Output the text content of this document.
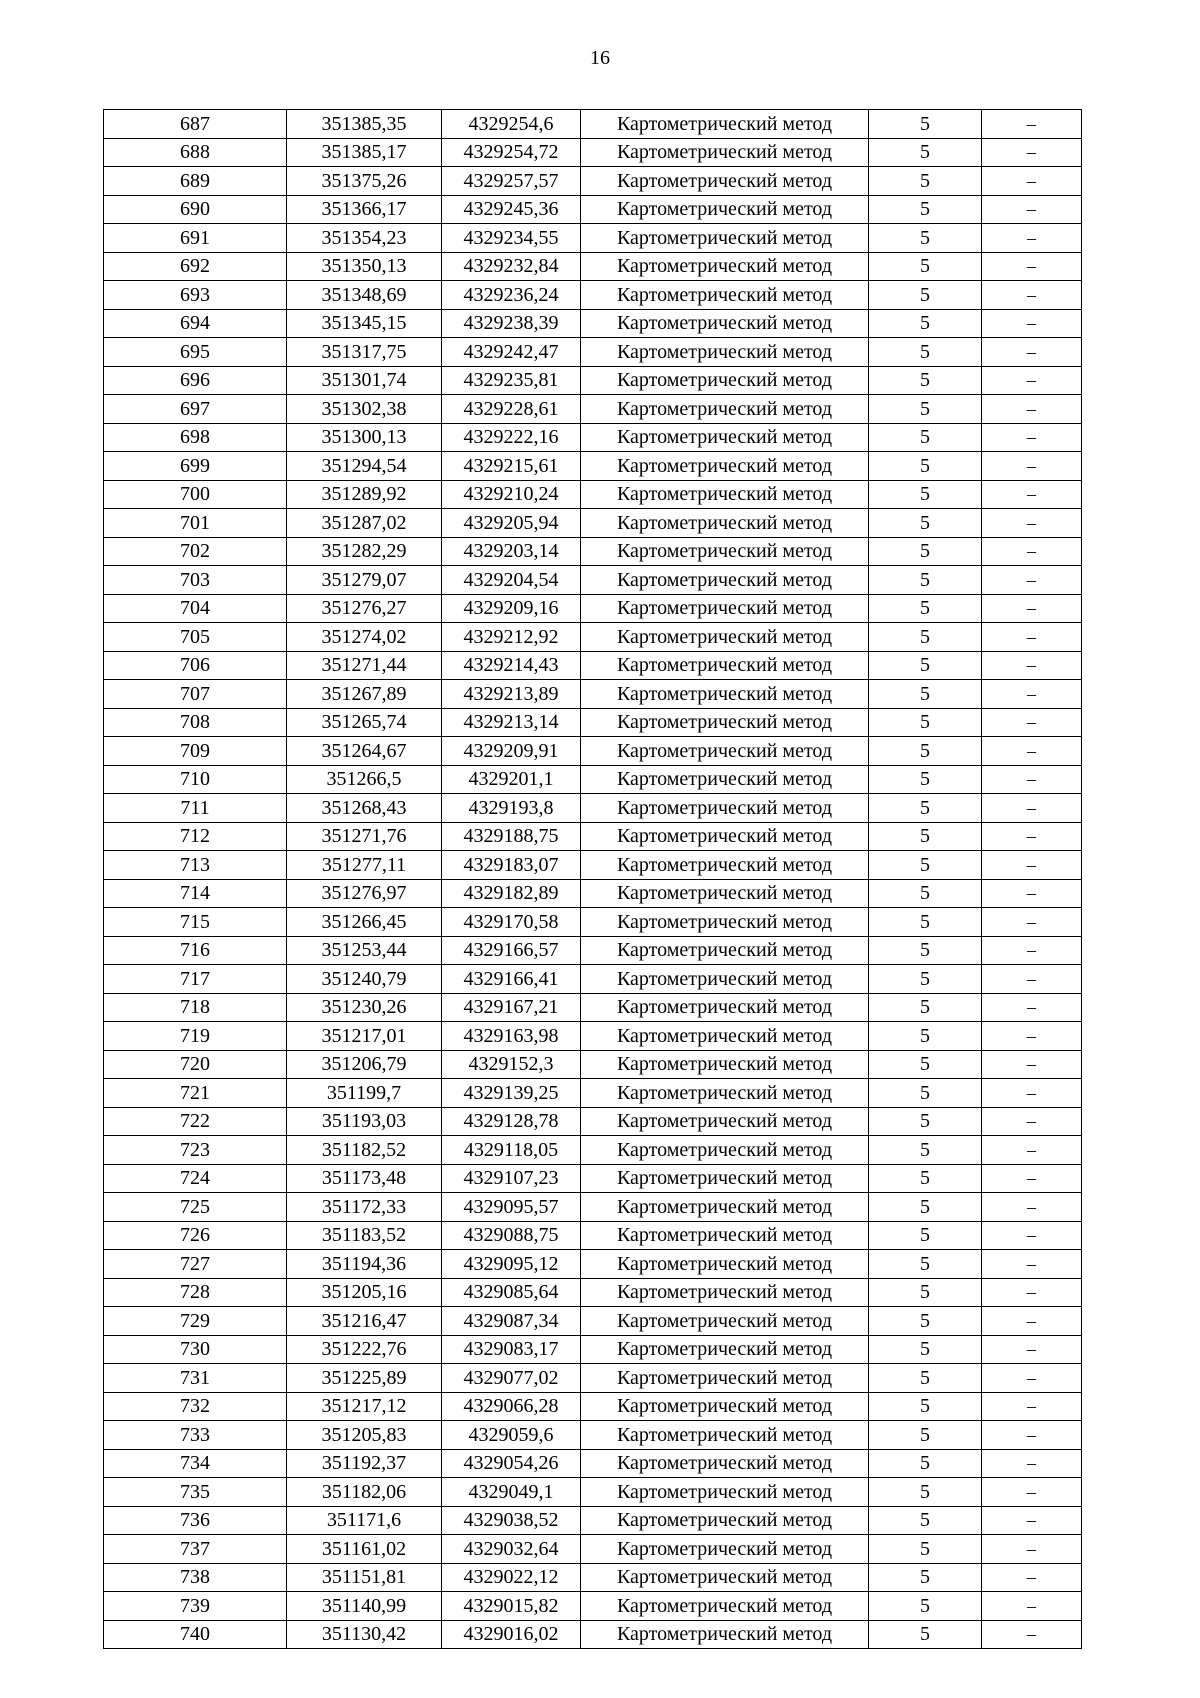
16
687	351385,35	4329254,6	Картометрический метод	5	–
688	351385,17	4329254,72	Картометрический метод	5	–
689	351375,26	4329257,57	Картометрический метод	5	–
690	351366,17	4329245,36	Картометрический метод	5	–
691	351354,23	4329234,55	Картометрический метод	5	–
692	351350,13	4329232,84	Картометрический метод	5	–
693	351348,69	4329236,24	Картометрический метод	5	–
694	351345,15	4329238,39	Картометрический метод	5	–
695	351317,75	4329242,47	Картометрический метод	5	–
696	351301,74	4329235,81	Картометрический метод	5	–
697	351302,38	4329228,61	Картометрический метод	5	–
698	351300,13	4329222,16	Картометрический метод	5	–
699	351294,54	4329215,61	Картометрический метод	5	–
700	351289,92	4329210,24	Картометрический метод	5	–
701	351287,02	4329205,94	Картометрический метод	5	–
702	351282,29	4329203,14	Картометрический метод	5	–
703	351279,07	4329204,54	Картометрический метод	5	–
704	351276,27	4329209,16	Картометрический метод	5	–
705	351274,02	4329212,92	Картометрический метод	5	–
706	351271,44	4329214,43	Картометрический метод	5	–
707	351267,89	4329213,89	Картометрический метод	5	–
708	351265,74	4329213,14	Картометрический метод	5	–
709	351264,67	4329209,91	Картометрический метод	5	–
710	351266,5	4329201,1	Картометрический метод	5	–
711	351268,43	4329193,8	Картометрический метод	5	–
712	351271,76	4329188,75	Картометрический метод	5	–
713	351277,11	4329183,07	Картометрический метод	5	–
714	351276,97	4329182,89	Картометрический метод	5	–
715	351266,45	4329170,58	Картометрический метод	5	–
716	351253,44	4329166,57	Картометрический метод	5	–
717	351240,79	4329166,41	Картометрический метод	5	–
718	351230,26	4329167,21	Картометрический метод	5	–
719	351217,01	4329163,98	Картометрический метод	5	–
720	351206,79	4329152,3	Картометрический метод	5	–
721	351199,7	4329139,25	Картометрический метод	5	–
722	351193,03	4329128,78	Картометрический метод	5	–
723	351182,52	4329118,05	Картометрический метод	5	–
724	351173,48	4329107,23	Картометрический метод	5	–
725	351172,33	4329095,57	Картометрический метод	5	–
726	351183,52	4329088,75	Картометрический метод	5	–
727	351194,36	4329095,12	Картометрический метод	5	–
728	351205,16	4329085,64	Картометрический метод	5	–
729	351216,47	4329087,34	Картометрический метод	5	–
730	351222,76	4329083,17	Картометрический метод	5	–
731	351225,89	4329077,02	Картометрический метод	5	–
732	351217,12	4329066,28	Картометрический метод	5	–
733	351205,83	4329059,6	Картометрический метод	5	–
734	351192,37	4329054,26	Картометрический метод	5	–
735	351182,06	4329049,1	Картометрический метод	5	–
736	351171,6	4329038,52	Картометрический метод	5	–
737	351161,02	4329032,64	Картометрический метод	5	–
738	351151,81	4329022,12	Картометрический метод	5	–
739	351140,99	4329015,82	Картометрический метод	5	–
740	351130,42	4329016,02	Картометрический метод	5	–
